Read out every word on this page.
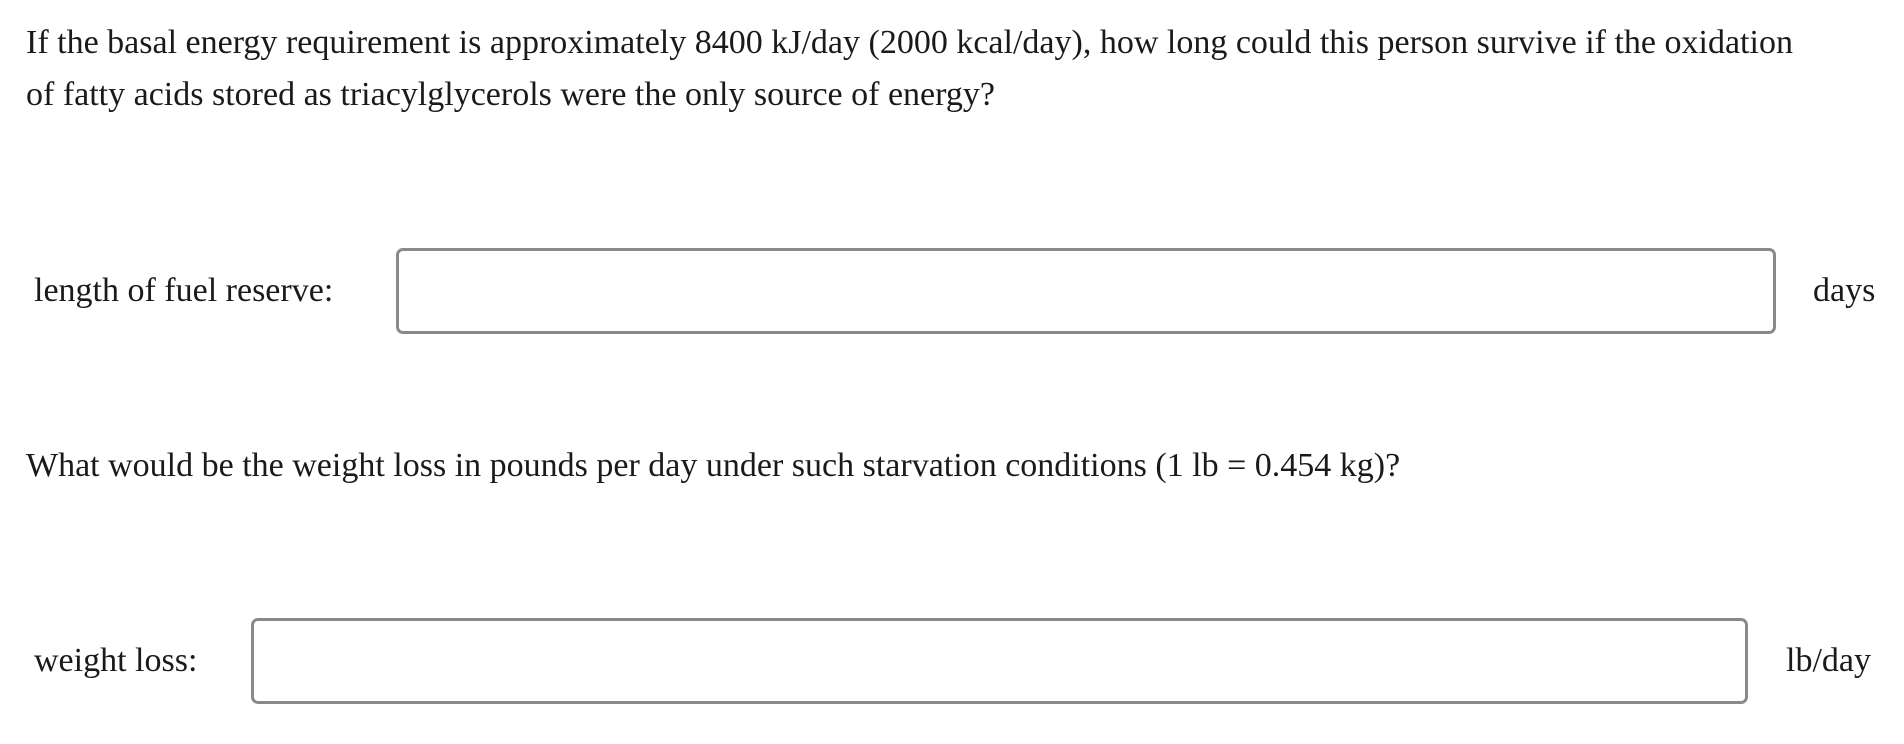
If the basal energy requirement is approximately 8400 kJ/day (2000 kcal/day), how long could this person survive if the oxidation of fatty acids stored as triacylglycerols were the only source of energy?

length of fuel reserve:	days

What would be the weight loss in pounds per day under such starvation conditions (1 lb = 0.454 kg)?

weight loss:	lb/day
